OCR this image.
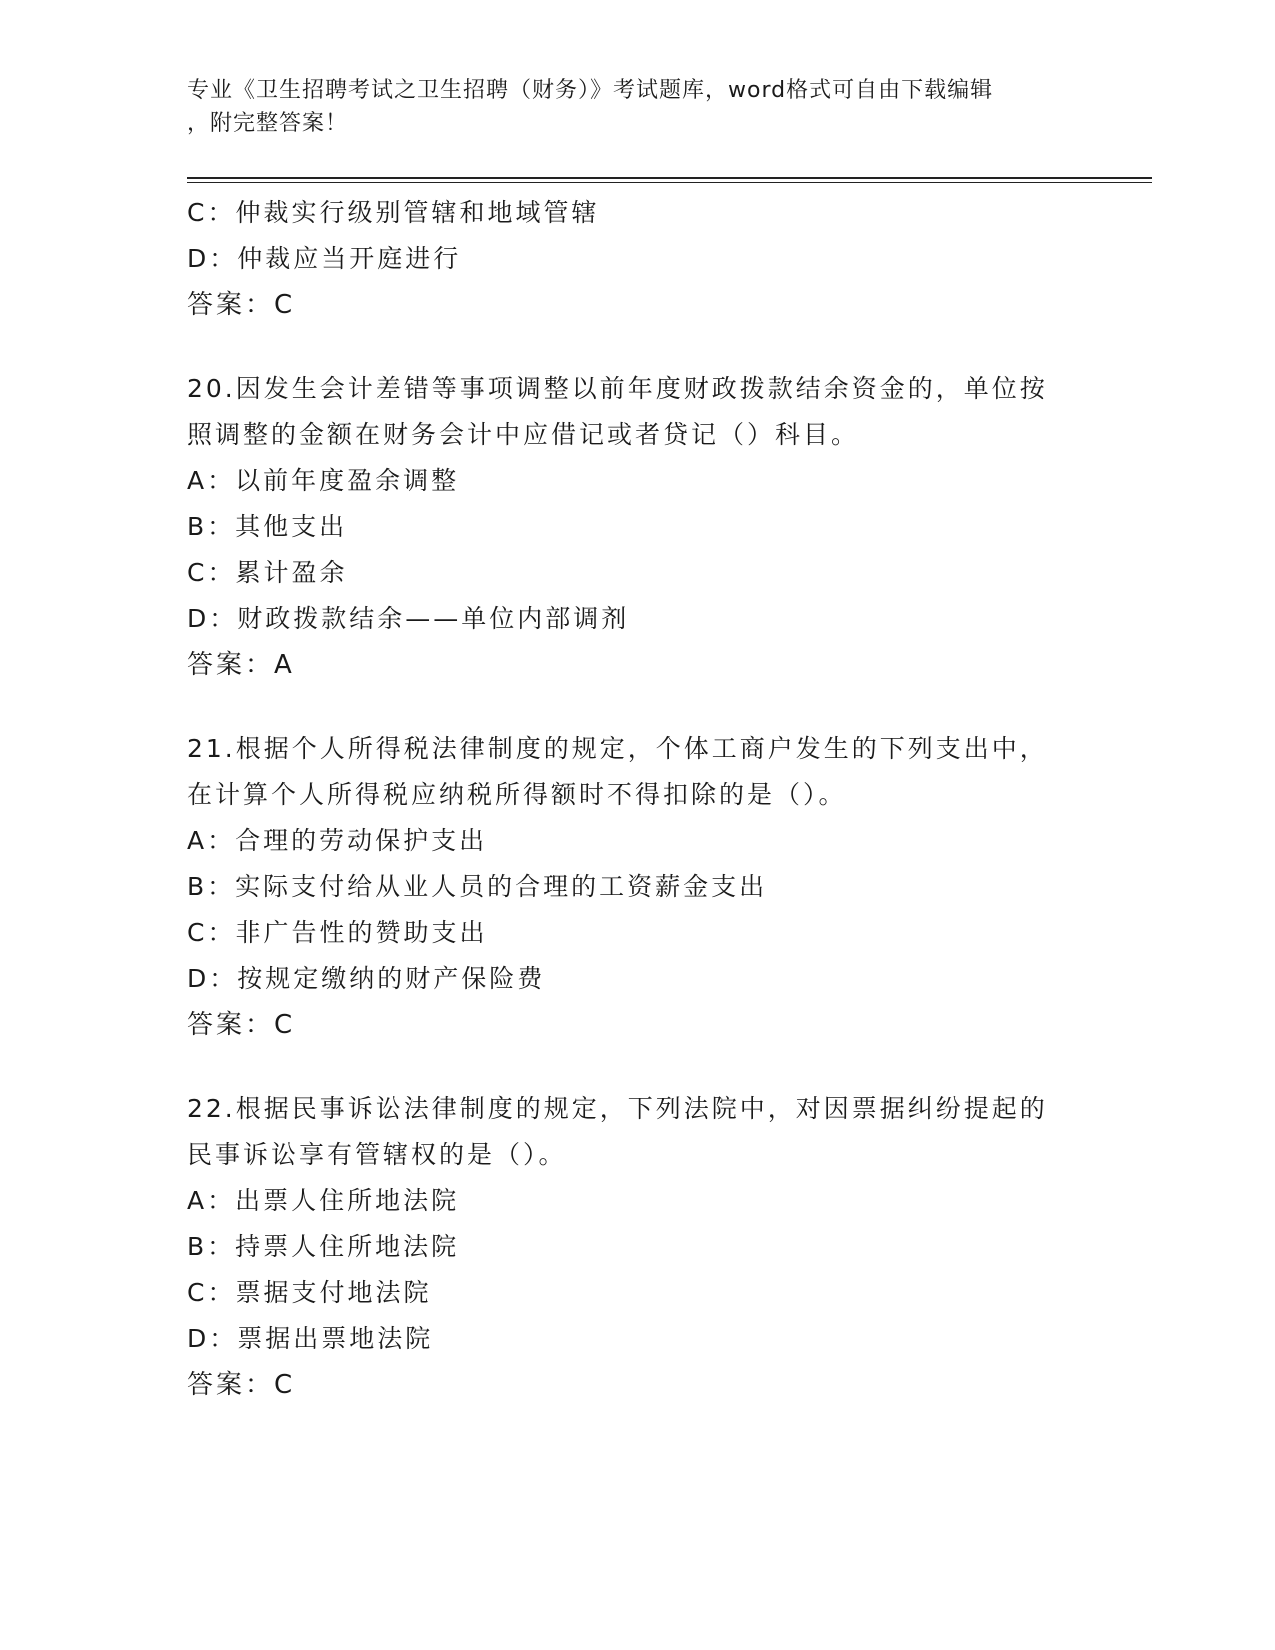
专业《卫生招聘考试之卫生招聘（财务）》考试题库，word格式可自由下载编辑
，附完整答案！
C：仲裁实行级别管辖和地域管辖
D：仲裁应当开庭进行
答案：C
20.因发生会计差错等事项调整以前年度财政拨款结余资金的，单位按
照调整的金额在财务会计中应借记或者贷记（）科目。
A：以前年度盈余调整
B：其他支出
C：累计盈余
D：财政拨款结余——单位内部调剂
答案：A
21.根据个人所得税法律制度的规定，个体工商户发生的下列支出中，
在计算个人所得税应纳税所得额时不得扣除的是（）。
A：合理的劳动保护支出
B：实际支付给从业人员的合理的工资薪金支出
C：非广告性的赞助支出
D：按规定缴纳的财产保险费
答案：C
22.根据民事诉讼法律制度的规定，下列法院中，对因票据纠纷提起的
民事诉讼享有管辖权的是（）。
A：出票人住所地法院
B：持票人住所地法院
C：票据支付地法院
D：票据出票地法院
答案：C
